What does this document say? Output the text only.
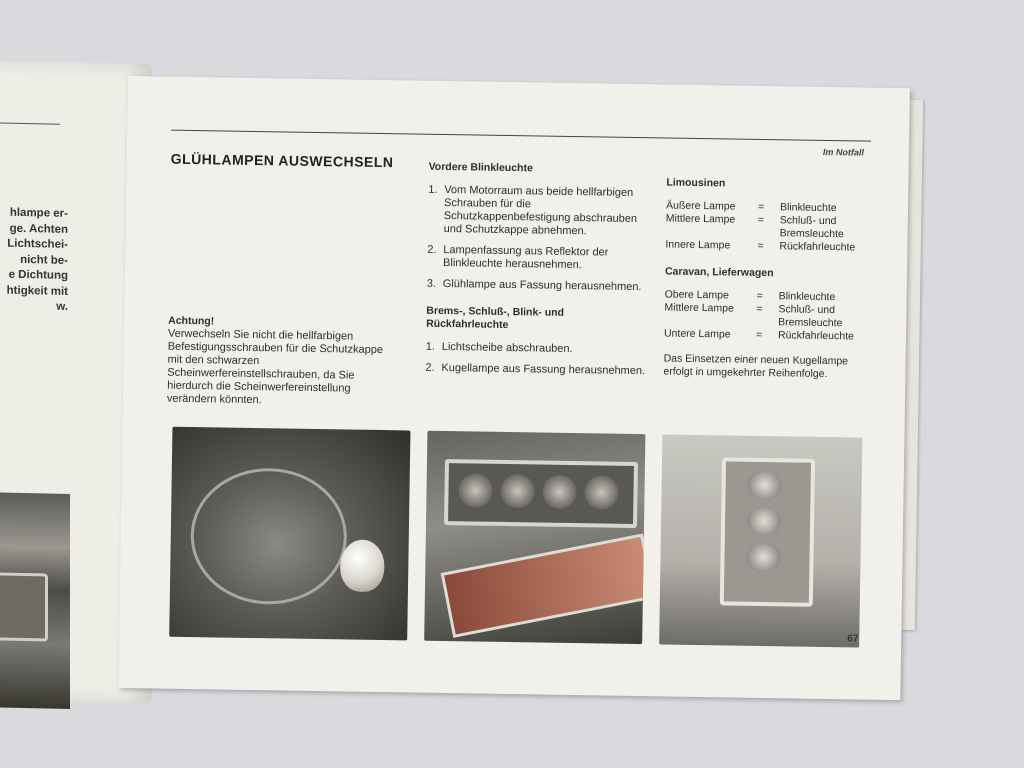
hlampe er-
ge. Achten
Lichtschei-
nicht be-
e Dichtung
htigkeit mit
w.
Im Notfall
GLÜHLAMPEN AUSWECHSELN
Achtung!
Verwechseln Sie nicht die hellfarbigen Befestigungsschrauben für die Schutzkappe mit den schwarzen Scheinwerfereinstellschrauben, da Sie hierdurch die Scheinwerfereinstellung verändern könnten.
Vordere Blinkleuchte
1. Vom Motorraum aus beide hellfarbigen Schrauben für die Schutzkappenbefestigung abschrauben und Schutzkappe abnehmen.
2. Lampenfassung aus Reflektor der Blinkleuchte herausnehmen.
3. Glühlampe aus Fassung herausnehmen.
Brems-, Schluß-, Blink- und Rückfahrleuchte
1. Lichtscheibe abschrauben.
2. Kugellampe aus Fassung herausnehmen.
Limousinen
Äußere Lampe	=	Blinkleuchte
Mittlere Lampe	=	Schluß- und Bremsleuchte
Innere Lampe	=	Rückfahrleuchte
Caravan, Lieferwagen
Obere Lampe	=	Blinkleuchte
Mittlere Lampe	=	Schluß- und Bremsleuchte
Untere Lampe	=	Rückfahrleuchte

Das Einsetzen einer neuen Kugellampe erfolgt in umgekehrter Reihenfolge.

67
